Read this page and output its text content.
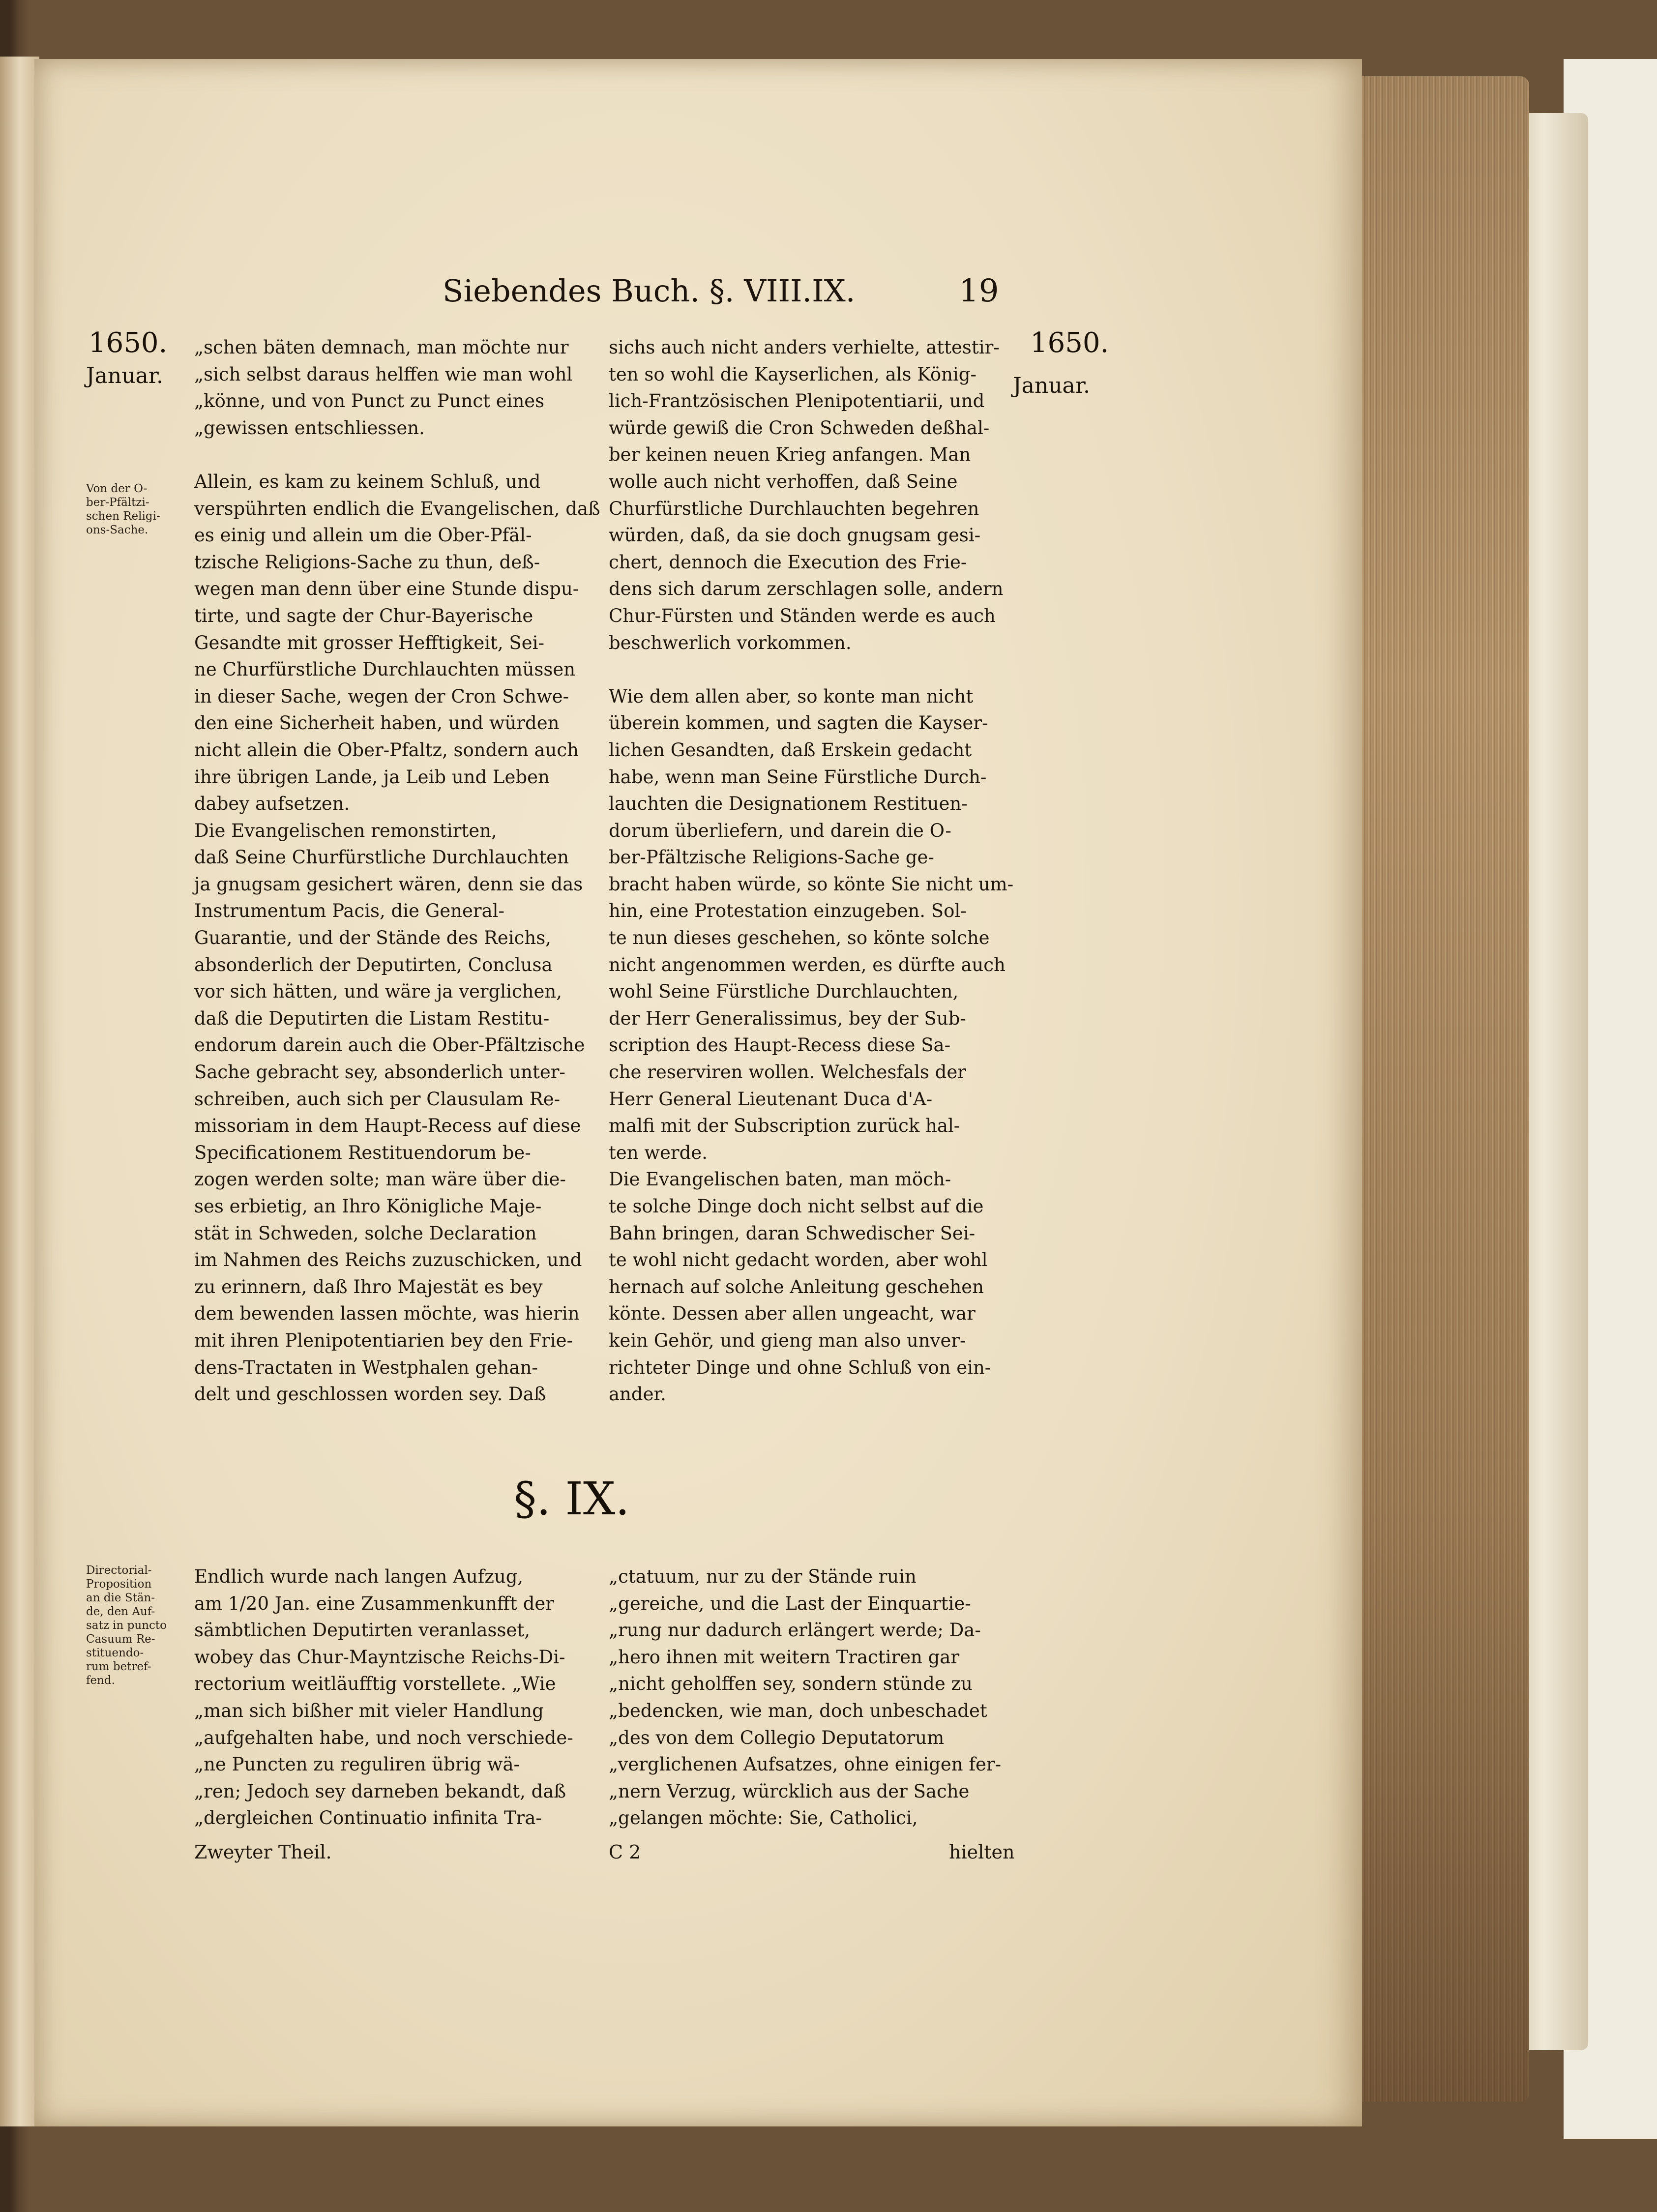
Siebendes Buch. §. VIII.IX.	19
1650.
Januar.
1650.
Januar.
Von der O-
ber-Pfältzi-
schen Religi-
ons-Sache.
Directorial-
Proposition
an die Stän-
de, den Auf-
satz in puncto
Casuum Re-
stituendo-
rum betref-
fend.

„schen bäten demnach, man möchte nur

„sich selbst daraus helffen wie man wohl

„könne, und von Punct zu Punct eines

„gewissen entschliessen.

Allein, es kam zu keinem Schluß, und

verspührten endlich die Evangelischen, daß

es einig und allein um die Ober-Pfäl-

tzische Religions-Sache zu thun, deß-

wegen man denn über eine Stunde dispu-

tirte, und sagte der Chur-Bayerische

Gesandte mit grosser Hefftigkeit, Sei-

ne Churfürstliche Durchlauchten müssen

in dieser Sache, wegen der Cron Schwe-

den eine Sicherheit haben, und würden

nicht allein die Ober-Pfaltz, sondern auch

ihre übrigen Lande, ja Leib und Leben

dabey aufsetzen.

Die Evangelischen remonstirten,

daß Seine Churfürstliche Durchlauchten

ja gnugsam gesichert wären, denn sie das

Instrumentum Pacis, die General-

Guarantie, und der Stände des Reichs,

absonderlich der Deputirten, Conclusa

vor sich hätten, und wäre ja verglichen,

daß die Deputirten die Listam Restitu-

endorum darein auch die Ober-Pfältzische

Sache gebracht sey, absonderlich unter-

schreiben, auch sich per Clausulam Re-

missoriam in dem Haupt-Recess auf diese

Specificationem Restituendorum be-

zogen werden solte; man wäre über die-

ses erbietig, an Ihro Königliche Maje-

stät in Schweden, solche Declaration

im Nahmen des Reichs zuzuschicken, und

zu erinnern, daß Ihro Majestät es bey

dem bewenden lassen möchte, was hierin

mit ihren Plenipotentiarien bey den Frie-

dens-Tractaten in Westphalen gehan-

delt und geschlossen worden sey. Daß

sichs auch nicht anders verhielte, attestir-

ten so wohl die Kayserlichen, als König-

lich-Frantzösischen Plenipotentiarii, und

würde gewiß die Cron Schweden deßhal-

ber keinen neuen Krieg anfangen. Man

wolle auch nicht verhoffen, daß Seine

Churfürstliche Durchlauchten begehren

würden, daß, da sie doch gnugsam gesi-

chert, dennoch die Execution des Frie-

dens sich darum zerschlagen solle, andern

Chur-Fürsten und Ständen werde es auch

beschwerlich vorkommen.

Wie dem allen aber, so konte man nicht

überein kommen, und sagten die Kayser-

lichen Gesandten, daß Erskein gedacht

habe, wenn man Seine Fürstliche Durch-

lauchten die Designationem Restituen-

dorum überliefern, und darein die O-

ber-Pfältzische Religions-Sache ge-

bracht haben würde, so könte Sie nicht um-

hin, eine Protestation einzugeben. Sol-

te nun dieses geschehen, so könte solche

nicht angenommen werden, es dürfte auch

wohl Seine Fürstliche Durchlauchten,

der Herr Generalissimus, bey der Sub-

scription des Haupt-Recess diese Sa-

che reserviren wollen. Welchesfals der

Herr General Lieutenant Duca d'A-

malfi mit der Subscription zurück hal-

ten werde.

Die Evangelischen baten, man möch-

te solche Dinge doch nicht selbst auf die

Bahn bringen, daran Schwedischer Sei-

te wohl nicht gedacht worden, aber wohl

hernach auf solche Anleitung geschehen

könte. Dessen aber allen ungeacht, war

kein Gehör, und gieng man also unver-

richteter Dinge und ohne Schluß von ein-

ander.

§. IX.

Endlich wurde nach langen Aufzug,

am 1/20 Jan. eine Zusammenkunfft der

sämbtlichen Deputirten veranlasset,

wobey das Chur-Mayntzische Reichs-Di-

rectorium weitläufftig vorstellete. „Wie

„man sich bißher mit vieler Handlung

„aufgehalten habe, und noch verschiede-

„ne Puncten zu reguliren übrig wä-

„ren; Jedoch sey darneben bekandt, daß

„dergleichen Continuatio infinita Tra-

„ctatuum, nur zu der Stände ruin

„gereiche, und die Last der Einquartie-

„rung nur dadurch erlängert werde; Da-

„hero ihnen mit weitern Tractiren gar

„nicht geholffen sey, sondern stünde zu

„bedencken, wie man, doch unbeschadet

„des von dem Collegio Deputatorum

„verglichenen Aufsatzes, ohne einigen fer-

„nern Verzug, würcklich aus der Sache

„gelangen möchte: Sie, Catholici,

Zweyter Theil.	C 2	hielten
